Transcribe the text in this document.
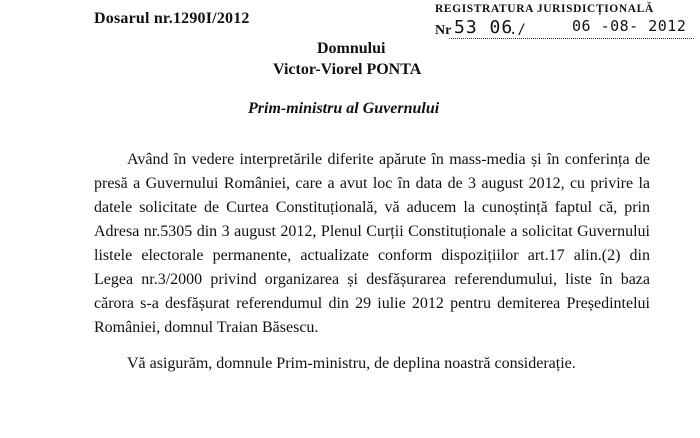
Dosarul nr.1290I/2012
REGISTRATURA JURISDICȚIONALĂ
Nr 53 06
./	06 -08- 2012
Domnului
Victor-Viorel PONTA
Prim-ministru al Guvernului

Având în vedere interpretările diferite apărute în mass-media și în conferința de presă a Guvernului României, care a avut loc în data de 3 august 2012, cu privire la datele solicitate de Curtea Constituțională, vă aducem la cunoștință faptul că, prin Adresa nr.5305 din 3 august 2012, Plenul Curții Constituționale a solicitat Guvernului listele electorale permanente, actualizate conform dispozițiilor art.17 alin.(2) din Legea nr.3/2000 privind organizarea și desfășurarea referendumului, liste în baza cărora s-a desfășurat referendumul din 29 iulie 2012 pentru demiterea Președintelui României, domnul Traian Băsescu.

Vă asigurăm, domnule Prim-ministru, de deplina noastră considerație.
